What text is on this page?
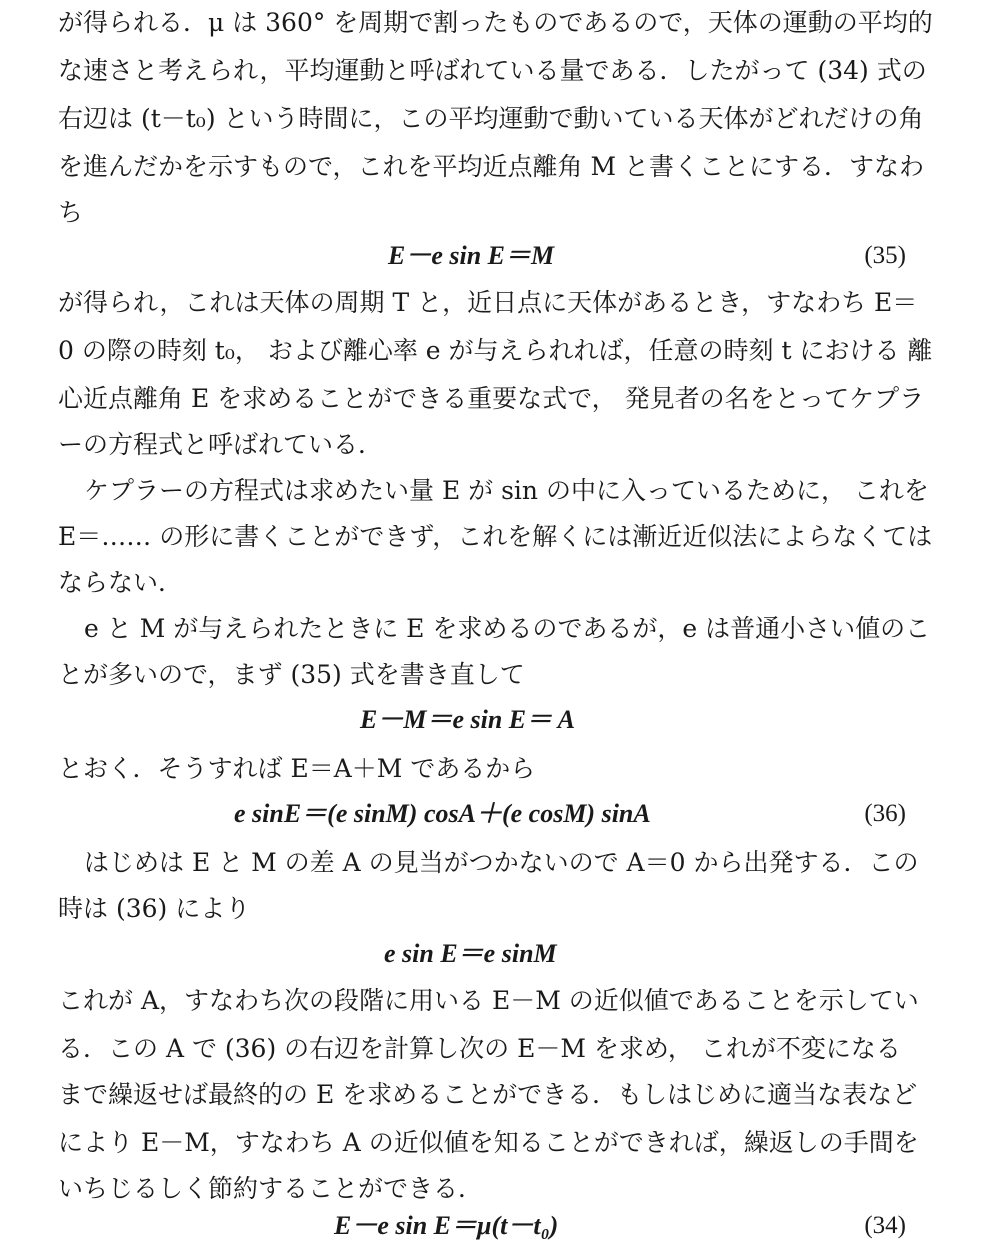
が得られる．μ は 360° を周期で割ったものであるので，天体の運動の平均的
な速さと考えられ，平均運動と呼ばれている量である．したがって (34) 式の
右辺は (t－t₀) という時間に，この平均運動で動いている天体がどれだけの角
を進んだかを示すもので，これを平均近点離角 M と書くことにする．すなわ
ち
E－e sin E＝M	(35)
が得られ，これは天体の周期 T と，近日点に天体があるとき，すなわち E＝
0 の際の時刻 t₀， および離心率 e が与えられれば，任意の時刻 t における 離
心近点離角 E を求めることができる重要な式で， 発見者の名をとってケプラ
ーの方程式と呼ばれている．
ケプラーの方程式は求めたい量 E が sin の中に入っているために， これを
E＝…… の形に書くことができず，これを解くには漸近近似法によらなくては
ならない．
e と M が与えられたときに E を求めるのであるが，e は普通小さい値のこ
とが多いので，まず (35) 式を書き直して
E－M＝e sin E＝ A
とおく．そうすれば E＝A＋M であるから
e sinE＝(e sinM) cosA＋(e cosM) sinA	(36)
はじめは E と M の差 A の見当がつかないので A＝0 から出発する．この
時は (36) により
e sin E＝e sinM
これが A，すなわち次の段階に用いる E－M の近似値であることを示してい
る．この A で (36) の右辺を計算し次の E－M を求め， これが不変になる
まで繰返せば最終的の E を求めることができる．もしはじめに適当な表など
により E－M，すなわち A の近似値を知ることができれば，繰返しの手間を
いちじるしく節約することができる．
E－e sin E＝μ(t－t₀)	(34)
